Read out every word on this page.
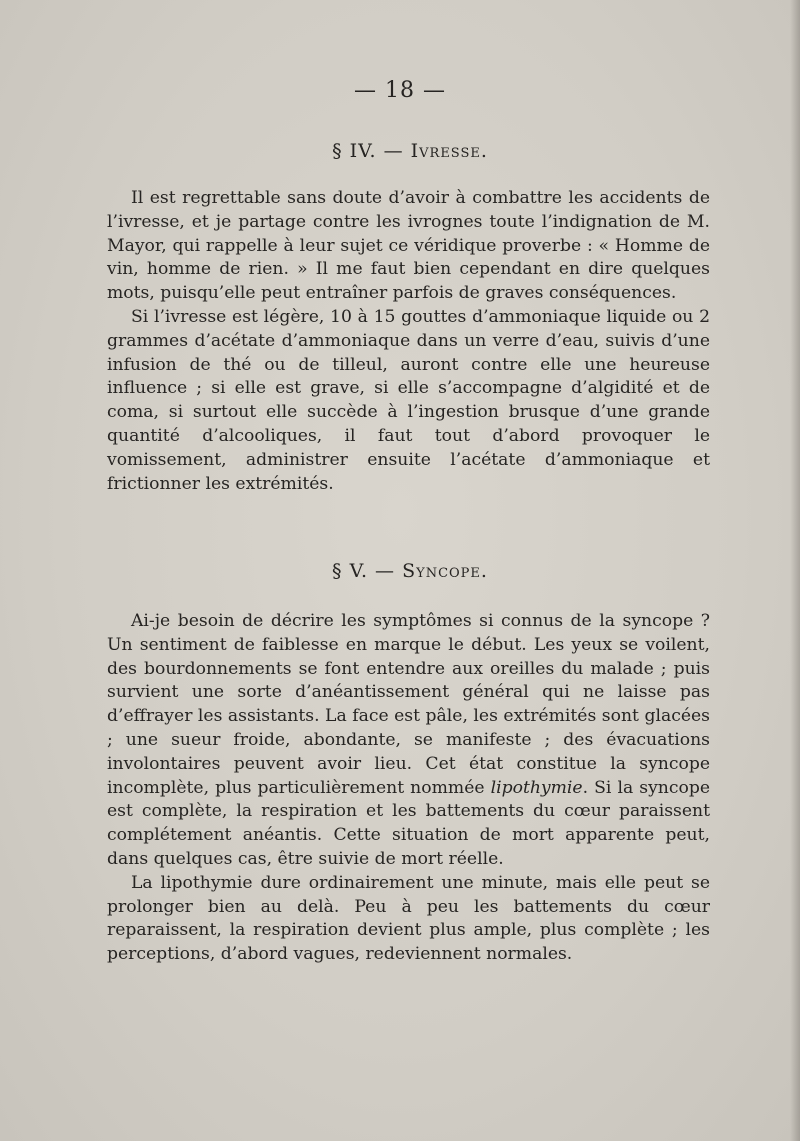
— 18 —
§ IV. — Ivresse.

Il est regrettable sans doute d’avoir à combattre les accidents de l’ivresse, et je partage contre les ivrognes toute l’indignation de M. Mayor, qui rappelle à leur sujet ce véridique proverbe : « Homme de vin, homme de rien. » Il me faut bien cependant en dire quelques mots, puisqu’elle peut entraîner parfois de graves conséquences.

Si l’ivresse est légère, 10 à 15 gouttes d’ammoniaque liquide ou 2 grammes d’acétate d’ammoniaque dans un verre d’eau, suivis d’une infusion de thé ou de tilleul, auront contre elle une heureuse influence ; si elle est grave, si elle s’accompagne d’algidité et de coma, si surtout elle succède à l’ingestion brusque d’une grande quantité d’alcooliques, il faut tout d’abord provoquer le vomissement, administrer ensuite l’acétate d’ammoniaque et frictionner les extrémités.

§ V. — Syncope.

Ai-je besoin de décrire les symptômes si connus de la syncope ? Un sentiment de faiblesse en marque le début. Les yeux se voilent, des bourdonnements se font entendre aux oreilles du malade ; puis survient une sorte d’anéantissement général qui ne laisse pas d’effrayer les assistants. La face est pâle, les extrémités sont glacées ; une sueur froide, abondante, se manifeste ; des évacuations involontaires peuvent avoir lieu. Cet état constitue la syncope incomplète, plus particulièrement nommée lipothymie. Si la syncope est complète, la respiration et les battements du cœur paraissent complétement anéantis. Cette situation de mort apparente peut, dans quelques cas, être suivie de mort réelle.

La lipothymie dure ordinairement une minute, mais elle peut se prolonger bien au delà. Peu à peu les battements du cœur reparaissent, la respiration devient plus ample, plus complète ; les perceptions, d’abord vagues, redeviennent normales.
